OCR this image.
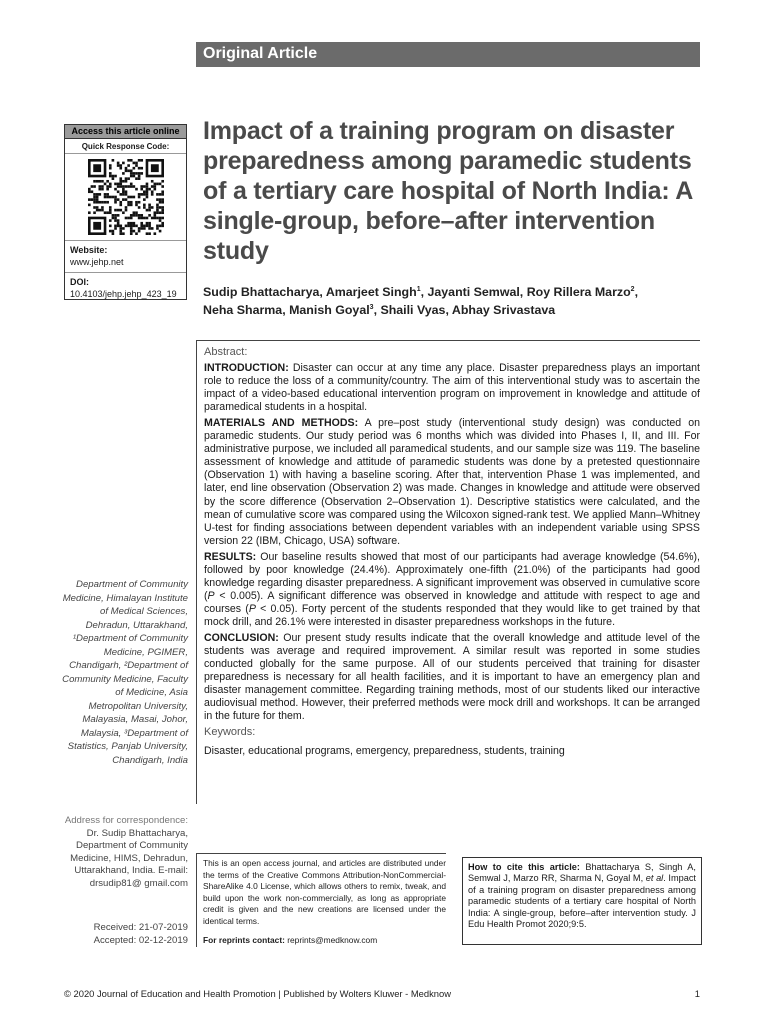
Original Article
Access this article online
Quick Response Code:
Website:
www.jehp.net
DOI:
10.4103/jehp.jehp_423_19
Impact of a training program on disaster preparedness among paramedic students of a tertiary care hospital of North India: A single-group, before–after intervention study
Sudip Bhattacharya, Amarjeet Singh$^1$, Jayanti Semwal, Roy Rillera Marzo$^2$,
Neha Sharma, Manish Goyal$^3$, Shaili Vyas, Abhay Srivastava
Abstract:

INTRODUCTION: Disaster can occur at any time any place. Disaster preparedness plays an important role to reduce the loss of a community/country. The aim of this interventional study was to ascertain the impact of a video-based educational intervention program on improvement in knowledge and attitude of paramedical students in a hospital.

MATERIALS AND METHODS: A pre–post study (interventional study design) was conducted on paramedic students. Our study period was 6 months which was divided into Phases I, II, and III. For administrative purpose, we included all paramedical students, and our sample size was 119. The baseline assessment of knowledge and attitude of paramedic students was done by a pretested questionnaire (Observation 1) with having a baseline scoring. After that, intervention Phase 1 was implemented, and later, end line observation (Observation 2) was made. Changes in knowledge and attitude were observed by the score difference (Observation 2–Observation 1). Descriptive statistics were calculated, and the mean of cumulative score was compared using the Wilcoxon signed-rank test. We applied Mann–Whitney U-test for finding associations between dependent variables with an independent variable using SPSS version 22 (IBM, Chicago, USA) software.

RESULTS: Our baseline results showed that most of our participants had average knowledge (54.6%), followed by poor knowledge (24.4%). Approximately one-fifth (21.0%) of the participants had good knowledge regarding disaster preparedness. A significant improvement was observed in cumulative score (P < 0.005). A significant difference was observed in knowledge and attitude with respect to age and courses (P < 0.05). Forty percent of the students responded that they would like to get trained by that mock drill, and 26.1% were interested in disaster preparedness workshops in the future.

CONCLUSION: Our present study results indicate that the overall knowledge and attitude level of the students was average and required improvement. A similar result was reported in some studies conducted globally for the same purpose. All of our students perceived that training for disaster preparedness is necessary for all health facilities, and it is important to have an emergency plan and disaster management committee. Regarding training methods, most of our students liked our interactive audiovisual method. However, their preferred methods were mock drill and workshops. It can be arranged in the future for them.

Keywords:
Disaster, educational programs, emergency, preparedness, students, training
Department of Community Medicine, Himalayan Institute of Medical Sciences, Dehradun, Uttarakhand, ¹Department of Community Medicine, PGIMER, Chandigarh, ²Department of Community Medicine, Faculty of Medicine, Asia Metropolitan University, Malayasia, Masai, Johor, Malaysia, ³Department of Statistics, Panjab University, Chandigarh, India
Address for correspondence:
Dr. Sudip Bhattacharya, Department of Community Medicine, HIMS, Dehradun, Uttarakhand, India. E-mail: drsudip81@ gmail.com
Received: 21-07-2019
Accepted: 02-12-2019

This is an open access journal, and articles are distributed under the terms of the Creative Commons Attribution-NonCommercial-ShareAlike 4.0 License, which allows others to remix, tweak, and build upon the work non-commercially, as long as appropriate credit is given and the new creations are licensed under the identical terms.

For reprints contact: reprints@medknow.com
How to cite this article: Bhattacharya S, Singh A, Semwal J, Marzo RR, Sharma N, Goyal M, et al. Impact of a training program on disaster preparedness among paramedic students of a tertiary care hospital of North India: A single-group, before–after intervention study. J Edu Health Promot 2020;9:5.
© 2020 Journal of Education and Health Promotion | Published by Wolters Kluwer - Medknow	1
